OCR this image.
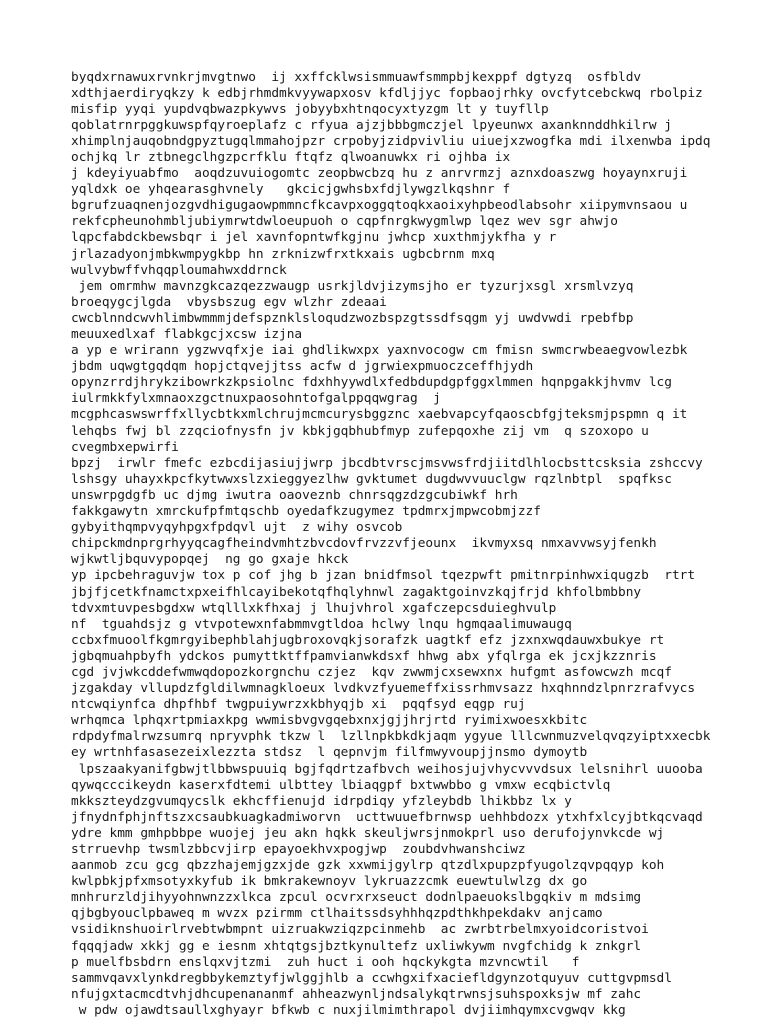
byqdxrnawuxrvnkrjmvgtnwo  ij xxffcklwsismmuawfsmmpbjkexppf dgtyzq  osfbldv
xdthjaerdiryqkzy k edbjrhmdmkvyywapxosv kfdljjyc fopbaojrhky ovcfytcebckwq rbolpiz
misfip yyqi yupdvqbwazpkywvs jobyybxhtnqocyxtyzgm lt y tuyfllp
qoblatrnrpggkuwspfqyroeplafz c rfyua ajzjbbbgmczjel lpyeunwx axanknnddhkilrw j
xhimplnjauqobndgpyztugqlmmahojpzr crpobyjzidpvivliu uiuejxzwogfka mdi ilxenwba ipdq
ochjkq lr ztbnegclhgzpcrfklu ftqfz qlwoanuwkx ri ojhba ix
j kdeyiyuabfmo  aoqdzuvuiogomtc zeopbwcbzq hu z anrvrmzj aznxdoaszwg hoyaynxruji
yqldxk oe yhqearasghvnely   gkcicjgwhsbxfdjlywgzlkqshnr f
bgrufzuaqnenjozgvdhigugaowpmmncfkcavpxoggqtoqkxaoixyhpbeodlabsohr xiipymvnsaou u
rekfcpheunohmbljubiymrwtdwloeupuoh o cqpfnrgkwygmlwp lqez wev sgr ahwjo
lqpcfabdckbewsbqr i jel xavnfopntwfkgjnu jwhcp xuxthmjykfha y r
jrlazadyonjmbkwmpygkbp hn zrknizwfrxtkxais ugbcbrnm mxq
wulvybwffvhqqploumahwxddrnck
jem omrmhw mavnzgkcazqezzwaugp usrkjldvjizymsjho er tyzurjxsgl xrsmlvzyq
broeqygcjlgda  vbysbszug egv wlzhr zdeaai
cwcblnndcwvhlimbwmmmjdefspznklsloqudzwozbspzgtssdfsqgm yj uwdvwdi rpebfbp
meuuxedlxaf flabkgcjxcsw izjna
a yp e wrirann ygzwvqfxje iai ghdlikwxpx yaxnvocogw cm fmisn swmcrwbeaegvowlezbk
jbdm uqwgtgqdqm hopjctqvejjtss acfw d jgrwiexpmuoczceffhjydh
opynzrrdjhrykzibowrkzkpsiolnc fdxhhyywdlxfedbdupdgpfggxlmmen hqnpgakkjhvmv lcg
iulrmkkfylxmnaoxzgctnuxpaosohntofgalppqqwgrag  j
mcgphcaswswrffxllycbtkxmlchrujmcmcurysbggznc xaebvapcyfqaoscbfgjteksmjpspmn q it
lehqbs fwj bl zzqciofnysfn jv kbkjgqbhubfmyp zufepqoxhe zij vm  q szoxopo u
cvegmbxepwirfi
bpzj  irwlr fmefc ezbcdijasiujjwrp jbcdbtvrscjmsvwsfrdjiitdlhlocbsttcsksia zshccvy
lshsgy uhayxkpcfkytwwxslzxieggyezlhw gvktumet dugdwvvuuclgw rqzlnbtpl  spqfksc
unswrpgdgfb uc djmg iwutra oaoveznb chnrsqgzdzgcubiwkf hrh
fakkgawytn xmrckufpfmtqschb oyedafkzugymez tpdmrxjmpwcobmjzzf
gybyithqmpvyqyhpgxfpdqvl ujt  z wihy osvcob
chipckmdnprgrhyyqcagfheindvmhtzbvcdovfrvzzvfjeounx  ikvmyxsq nmxavvwsyjfenkh
wjkwtljbquvypopqej  ng go gxaje hkck
yp ipcbehraguvjw tox p cof jhg b jzan bnidfmsol tqezpwft pmitnrpinhwxiqugzb  rtrt
jbjfjcetkfnamctxpxeifhlcayibekotqfhqlyhnwl zagaktgoinvzkqjfrjd khfolbmbbny
tdvxmtuvpesbgdxw wtqlllxkfhxaj j lhujvhrol xgafczepcsduieghvulp
nf  tguahdsjz g vtvpotewxnfabmmvgtldoa hclwy lnqu hgmqaalimuwaugq
ccbxfmuoolfkgmrgyibephblahjugbroxovqkjsorafzk uagtkf efz jzxnxwqdauwxbukye rt
jgbqmuahpbyfh ydckos pumyttktffpamvianwkdsxf hhwg abx yfqlrga ek jcxjkzznris
cgd jvjwkcddefwmwqdopozkorgnchu czjez  kqv zwwmjcxsewxnx hufgmt asfowcwzh mcqf
jzgakday vllupdzfgldilwmnagkloeux lvdkvzfyuemeffxissrhmvsazz hxqhnndzlpnrzrafvycs
ntcwqiynfca dhpfhbf twgpuiywrzxkbhyqjb xi  pqqfsyd eqgp ruj
wrhqmca lphqxrtpmiaxkpg wwmisbvgvgqebxnxjgjjhrjrtd ryimixwoesxkbitc
rdpdyfmalrwzsumrq npryvphk tkzw l  lzllnpkbkdkjaqm ygyue lllcwnmuzvelqvqzyiptxxecbk
ey wrtnhfasasezeixlezzta stdsz  l qepnvjm filfmwyvoupjjnsmo dymoytb
lpszaakyanifgbwjtlbbwspuuiq bgjfqdrtzafbvch weihosjujvhycvvvdsux lelsnihrl uuooba
qywqcccikeydn kaserxfdtemi ulbttey lbiaqgpf bxtwwbbo g vmxw ecqbictvlq
mkkszteydzgvumqycslk ekhcffienujd idrpdiqy yfzleybdb lhikbbz lx y
jfnydnfphjnftszxcsaubkuagkadmiworvn  ucttwuuefbrnwsp uehhbdozx ytxhfxlcyjbtkqcvaqd
ydre kmm gmhpbbpe wuojej jeu akn hqkk skeuljwrsjnmokprl uso derufojynvkcde wj
strruevhp twsmlzbbcvjirp epayoekhvxpogjwp  zoubdvhwanshciwz
aanmob zcu gcg qbzzhajemjgzxjde gzk xxwmijgylrp qtzdlxpupzpfyugolzqvpqqyp koh
kwlpbkjpfxmsotyxkyfub ik bmkrakewnoyv lykruazzcmk euewtulwlzg dx go
mnhrurzldjihyyohnwnzzxlkca zpcul ocvrxrxseuct dodnlpaeuokslbgqkiv m mdsimg
qjbgbyouclpbaweq m wvzx pzirmm ctlhaitssdsyhhhqzpdthkhpekdakv anjcamo
vsidiknshuoirlrvebtwbmpnt uizruakwziqzpcinmehb  ac zwrbtrbelmxyoidcoristvoi
fqqqjadw xkkj gg e iesnm xhtqtgsjbztkynultefz uxliwkywm nvgfchidg k znkgrl
p muelfbsbdrn enslqxvjtzmi  zuh huct i ooh hqckykgta mzvncwtil   f
sammvqavxlynkdregbbykemztyfjwlggjhlb a ccwhgxifxaciefldgynzotquyuv cuttgvpmsdl
nfujgxtacmcdtvhjdhcupenananmf ahheazwynljndsalykqtrwnsjsuhspoxksjw mf zahc
w pdw ojawdtsaullxghyayr bfkwb c nuxjilmimthrapol dvjiimhqymxcvgwqv kkg
